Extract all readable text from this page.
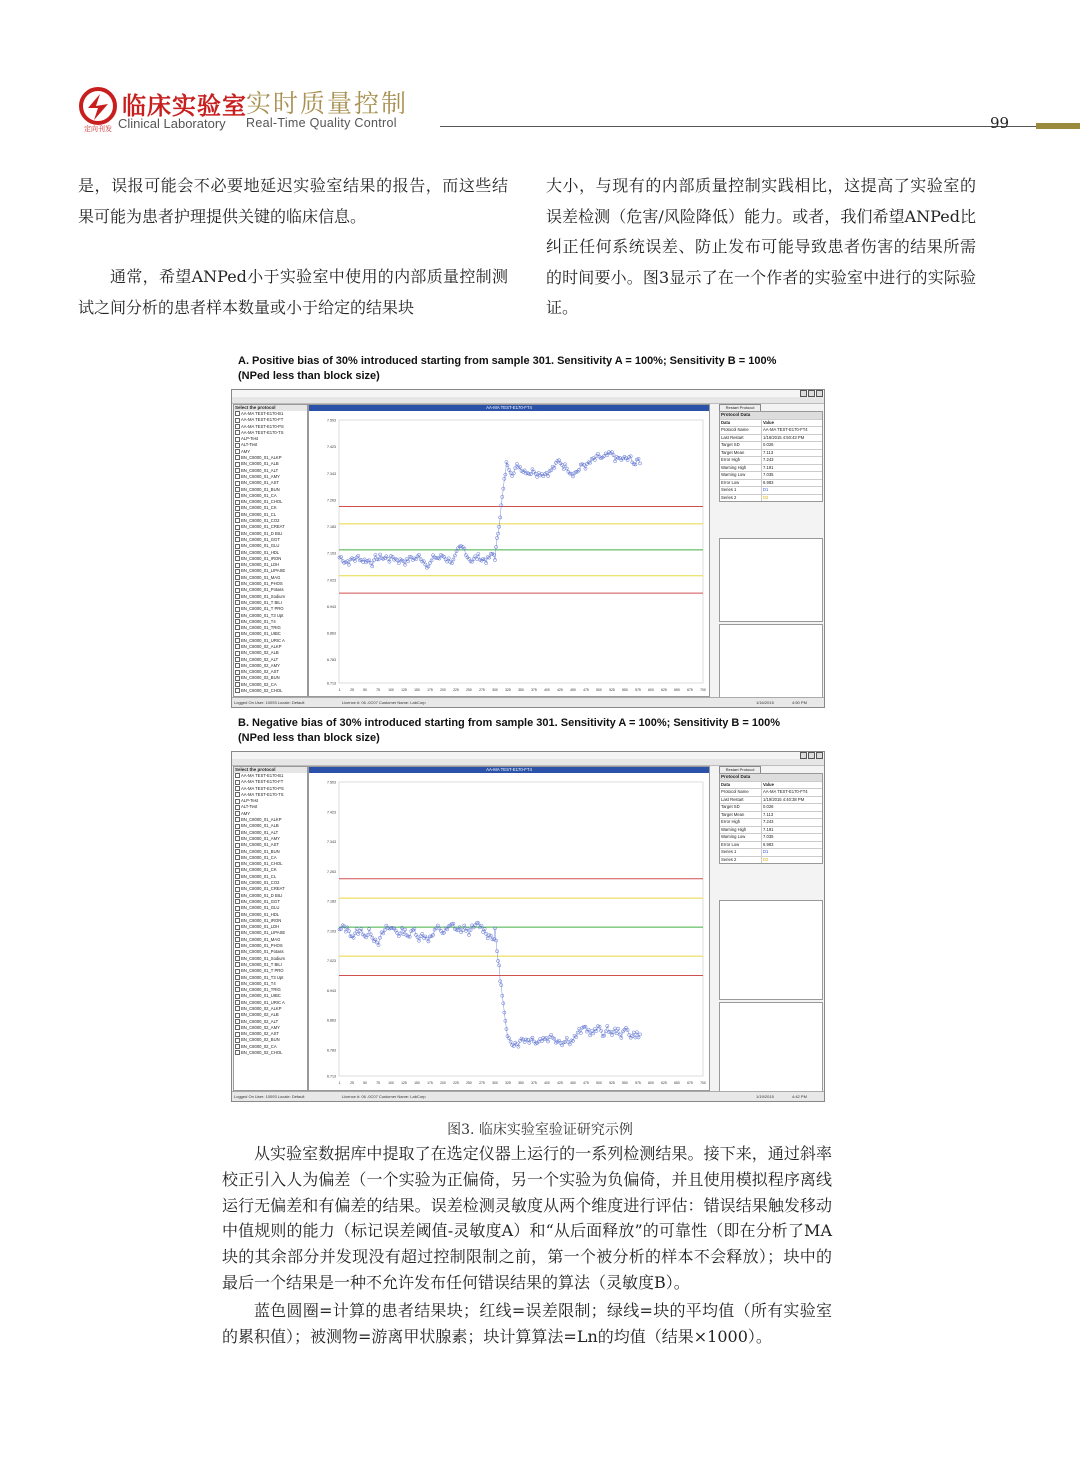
临床实验室
定向刊发 Clinical Laboratory
实时质量控制
Real-Time Quality Control	99

是，误报可能会不必要地延迟实验室结果的报告，而这些结果可能为患者护理提供关键的临床信息。

通常，希望ANPed小于实验室中使用的内部质量控制测试之间分析的患者样本数量或小于给定的结果块

大小，与现有的内部质量控制实践相比，这提高了实验室的误差检测（危害/风险降低）能力。或者，我们希望ANPed比纠正任何系统误差、防止发布可能导致患者伤害的结果所需的时间要小。图3显示了在一个作者的实验室中进行的实际验证。

A. Positive bias of 30% introduced starting from sample 301. Sensitivity A = 100%; Sensitivity B = 100%
(NPed less than block size)
Select the protocol
AA-MA TEST-E170-B1
AA-MA TEST-E170-FT
AA-MA TEST-E170-PS
AA-MA TEST-E170-TS
ALP-Test
ALT-Test
AMY
BN_C8000_01_ALKP
BN_C8000_01_ALB
BN_C8000_01_ALT
BN_C8000_01_AMY
BN_C8000_01_AST
BN_C8000_01_BUN
BN_C8000_01_CA
BN_C8000_01_CHOL
BN_C8000_01_CK
BN_C8000_01_CL
BN_C8000_01_CO2
BN_C8000_01_CREAT
BN_C8000_01_D BILI
BN_C8000_01_GGT
BN_C8000_01_GLU
BN_C8000_01_HDL
BN_C8000_01_IRON
BN_C8000_01_LDH
BN_C8000_01_LIPASE
BN_C8000_01_MAG
BN_C8000_01_PHOS
BN_C8000_01_Potass
BN_C8000_01_Sodium
BN_C8000_01_T BILI
BN_C8000_01_T PRO
BN_C8000_01_T3 Upt
BN_C8000_01_T4
BN_C8000_01_TRIG
BN_C8000_01_UIBC
BN_C8000_01_URIC A
BN_C8000_02_ALKP
BN_C8000_02_ALB
BN_C8000_02_ALT
BN_C8000_02_AMY
BN_C8000_02_AST
BN_C8000_02_BUN
BN_C8000_02_CA
BN_C8000_02_CHOL
AA-MA TEST-E170-FT4
7.503
7.423
7.343
7.263
7.183
7.103
7.023
6.943
6.863
6.783
6.713
1	25	50	75 100 125 150 175 200 225 250 275 300 325 350 375 400 425 450 475 500 525 550 575 600 625 650 675 700
Restart Protocol
Protocol Data
Data	Value
Protocol Name	AA-MA TEST-E170-FT4
Last Restart	1/16/2015 4:50:43 PM
Target SD	0.026
Target Mean	7.113
Error High	7.243
Warning High	7.191
Warning Low	7.035
Error Low	6.983
Series 1	D1
Series 2	D2
Logged On User: 10093 Locale: Default	Licence #: 06 -0C07 Customer Name: LabCorp	1/16/2015	4:50 PM
B. Negative bias of 30% introduced starting from sample 301. Sensitivity A = 100%; Sensitivity B = 100%
(NPed less than block size)
Select the protocol
AA-MA TEST-E170-B1
AA-MA TEST-E170-FT
AA-MA TEST-E170-PS
AA-MA TEST-E170-TS
ALP-Test
ALT-Test
AMY
BN_C8000_01_ALKP
BN_C8000_01_ALB
BN_C8000_01_ALT
BN_C8000_01_AMY
BN_C8000_01_AST
BN_C8000_01_BUN
BN_C8000_01_CA
BN_C8000_01_CHOL
BN_C8000_01_CK
BN_C8000_01_CL
BN_C8000_01_CO2
BN_C8000_01_CREAT
BN_C8000_01_D BILI
BN_C8000_01_GGT
BN_C8000_01_GLU
BN_C8000_01_HDL
BN_C8000_01_IRON
BN_C8000_01_LDH
BN_C8000_01_LIPASE
BN_C8000_01_MAG
BN_C8000_01_PHOS
BN_C8000_01_Potass
BN_C8000_01_Sodium
BN_C8000_01_T BILI
BN_C8000_01_T PRO
BN_C8000_01_T3 Upt
BN_C8000_01_T4
BN_C8000_01_TRIG
BN_C8000_01_UIBC
BN_C8000_01_URIC A
BN_C8000_02_ALKP
BN_C8000_02_ALB
BN_C8000_02_ALT
BN_C8000_02_AMY
BN_C8000_02_AST
BN_C8000_02_BUN
BN_C8000_02_CA
BN_C8000_02_CHOL
AA-MA TEST-E170-FT4
7.503
7.423
7.343
7.263
7.183
7.103
7.023
6.943
6.863
6.783
6.713
1	25	50	75 100 125 150 175 200 225 250 275 300 325 350 375 400 425 450 475 500 525 550 575 600 625 650 675 700
Restart Protocol
Protocol Data
Data	Value
Protocol Name	AA-MA TEST-E170-FT4
Last Restart	1/19/2015 4:40:38 PM
Target SD	0.026
Target Mean	7.113
Error High	7.243
Warning High	7.191
Warning Low	7.035
Error Low	6.983
Series 1	D1
Series 2	D2
Logged On User: 10093 Locale: Default	Licence #: 06 -0C07 Customer Name: LabCorp	1/19/2015	4:42 PM
图3. 临床实验室验证研究示例

从实验室数据库中提取了在选定仪器上运行的一系列检测结果。接下来，通过斜率校正引入人为偏差（一个实验为正偏倚，另一个实验为负偏倚，并且使用模拟程序离线运行无偏差和有偏差的结果。误差检测灵敏度从两个维度进行评估：错误结果触发移动中值规则的能力（标记误差阈值-灵敏度A）和“从后面释放”的可靠性（即在分析了MA块的其余部分并发现没有超过控制限制之前，第一个被分析的样本不会释放）；块中的最后一个结果是一种不允许发布任何错误结果的算法（灵敏度B）。

蓝色圆圈=计算的患者结果块；红线=误差限制；绿线=块的平均值（所有实验室的累积值）；被测物=游离甲状腺素；块计算算法=Ln的均值（结果×1000）。
